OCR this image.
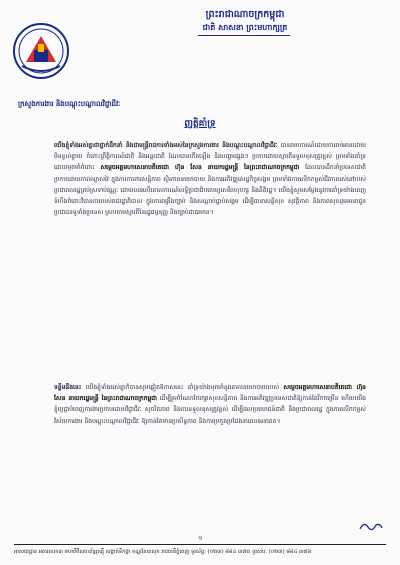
ព្រះរាជាណាចក្រកម្ពុជា
ជាតិ សាសនា ព្រះមហាក្សត្រ
ក្រសួងការងារ និងបណ្តុះបណ្តាលវិជ្ជាជីវៈ
ញត្តិគាំទ្រ

យើងខ្ញុំទាំងអស់គ្នាជាថ្នាក់ដឹកនាំ និងជាមន្ត្រីរាជការទាំងអស់នៃក្រសួងការងារ និងបណ្តុះបណ្តាលវិជ្ជាជីវៈ បានរាយការណ៍ដោយការរាប់អានដោយមិនខ្វល់ខ្វាយ ចំពោះព្រឹត្តិការណ៍ជាតិ និងអន្តរជាតិ ដែលបានកើតឡើង និងបញ្ហាផ្សេងៗ ប្រកបដោយស្មារតីទទួលខុសត្រូវខ្ពស់ ព្រមទាំងគាំទ្រដោយមុតមាំចំពោះ សម្តេចអគ្គមហាសេនាបតីតេជោ ហ៊ុន សែន នាយករដ្ឋមន្ត្រី នៃព្រះរាជាណាចក្រកម្ពុជា ដែលបានដឹកនាំប្រទេសជាតិ ប្រកបដោយភាពឈ្លាសវៃ ក្នុងការការពារសន្តិភាព ស្ថិរភាពនយោបាយ និងការអភិវឌ្ឍសេដ្ឋកិច្ចសង្គម ព្រមទាំងការលើកកម្ពស់ជីវភាពរស់នៅរបស់ប្រជាពលរដ្ឋគ្រប់ស្រទាប់វណ្ណៈ ដោយឈរលើគោលការណ៍លទ្ធិប្រជាធិបតេយ្យសេរីពហុបក្ស និងនីតិរដ្ឋ។ យើងខ្ញុំសូមសម្តែងនូវការគាំទ្រយ៉ាងពេញទំហឹងចំពោះវិធានការរបស់រាជរដ្ឋាភិបាល ក្នុងការពង្រឹងច្បាប់ និងសណ្តាប់ធ្នាប់សង្គម ដើម្បីធានាសន្តិសុខ សុវត្ថិភាព និងភាពសុខដុមរមនាជូនប្រជាជនទូទាំងប្រទេស ស្របតាមស្មារតីនៃរដ្ឋធម្មនុញ្ញ និងច្បាប់ជាធរមាន។

ទន្ទឹមនឹងនេះ យើងខ្ញុំទាំងអស់គ្នាក៏បានសូមឆ្លៀតឱកាសនេះ គាំទ្រយ៉ាងមុតមាំនូវគោលនយោបាយរបស់ សម្តេចអគ្គមហាសេនាបតីតេជោ ហ៊ុន សែន នាយករដ្ឋមន្ត្រី នៃព្រះរាជាណាចក្រកម្ពុជា ដើម្បីរួមចំណែកថែរក្សាសុខសន្តិភាព និងការអភិវឌ្ឍប្រទេសជាតិឱ្យកាន់តែរីកចម្រើន ហើយយើងខ្ញុំប្តេជ្ញាបំពេញការងារប្រកបដោយវិជ្ជាជីវៈ សុចរិតភាព និងការទទួលខុសត្រូវខ្ពស់ ដើម្បីផលប្រយោជន៍ជាតិ និងប្រជាពលរដ្ឋ ក្នុងការលើកកម្ពស់វិស័យការងារ និងបណ្តុះបណ្តាលវិជ្ជាជីវៈ ឱ្យកាន់តែមានប្រសិទ្ធភាព និងការប្រកួតប្រជែងនាពេលអនាគត។

១
អាសយដ្ឋាន អគារលេខ៣ មហាវិថីសហព័ន្ធរុស្ស៊ី សង្កាត់ទឹកថ្លា ខណ្ឌសែនសុខ រាជធានីភ្នំពេញ ទូរស័ព្ទ: (០២៣) ៨៨៤ ៣៧៥ ទូរសារ: (០២៣) ៨៨៤ ៣៧៦
